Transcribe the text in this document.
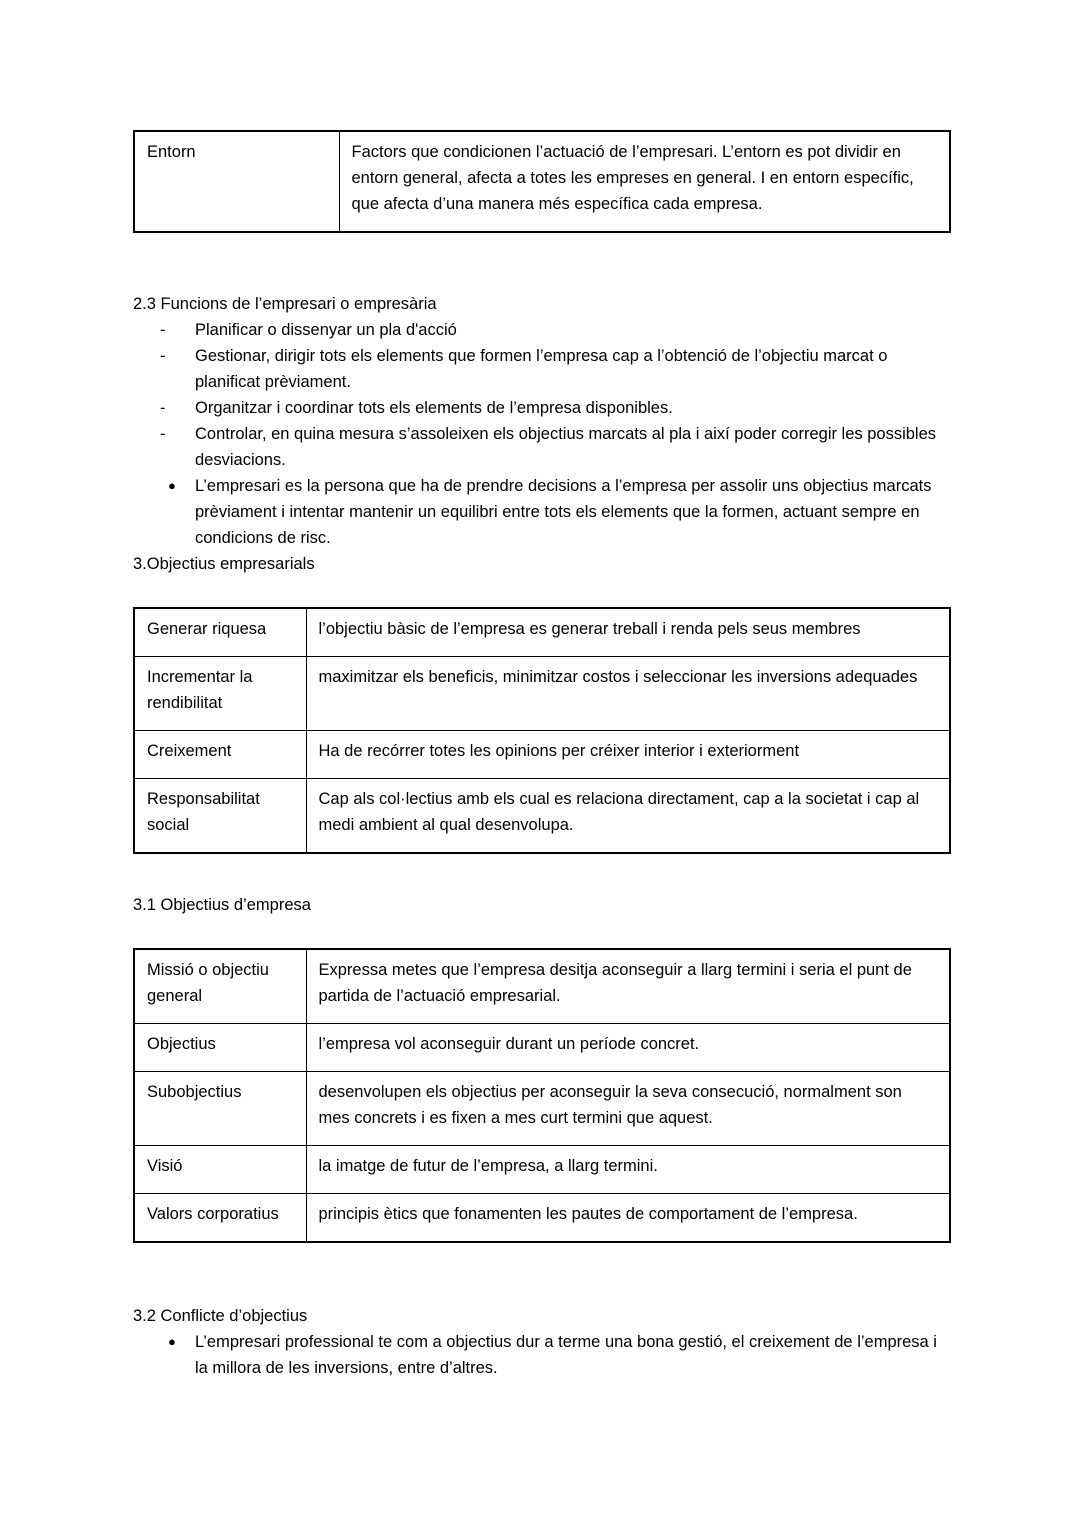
Entorn	Factors que condicionen l’actuació de l’empresari. L’entorn es pot dividir en entorn general, afecta a totes les empreses en general. I en entorn específic, que afecta d’una manera més específica cada empresa.
2.3 Funcions de l’empresari o empresària
-	Planificar o dissenyar un pla d'acció
-	Gestionar, dirigir tots els elements que formen l’empresa cap a l’obtenció de l’objectiu marcat o planificat prèviament.
-	Organitzar i coordinar tots els elements de l’empresa disponibles.
-	Controlar, en quina mesura s’assoleixen els objectius marcats al pla i així poder corregir les possibles desviacions.
●	L’empresari es la persona que ha de prendre decisions a l’empresa per assolir uns objectius marcats prèviament i intentar mantenir un equilibri entre tots els elements que la formen, actuant sempre en condicions de risc.
3.Objectius empresarials
Generar riquesa	l’objectiu bàsic de l’empresa es generar treball i renda pels seus membres
Incrementar la rendibilitat	maximitzar els beneficis, minimitzar costos i seleccionar les inversions adequades
Creixement	Ha de recórrer totes les opinions per créixer interior i exteriorment
Responsabilitat social	Cap als col·lectius amb els cual es relaciona directament, cap a la societat i cap al medi ambient al qual desenvolupa.
3.1 Objectius d’empresa
Missió o objectiu general	Expressa metes que l’empresa desitja aconseguir a llarg termini i seria el punt de partida de l’actuació empresarial.
Objectius	l’empresa vol aconseguir durant un període concret.
Subobjectius	desenvolupen els objectius per aconseguir la seva consecució, normalment son mes concrets i es fixen a mes curt termini que aquest.
Visió	la imatge de futur de l’empresa, a llarg termini.
Valors corporatius	principis ètics que fonamenten les pautes de comportament de l’empresa.
3.2 Conflicte d’objectius
●	L’empresari professional te com a objectius dur a terme una bona gestió, el creixement de l’empresa i la millora de les inversions, entre d’altres.
